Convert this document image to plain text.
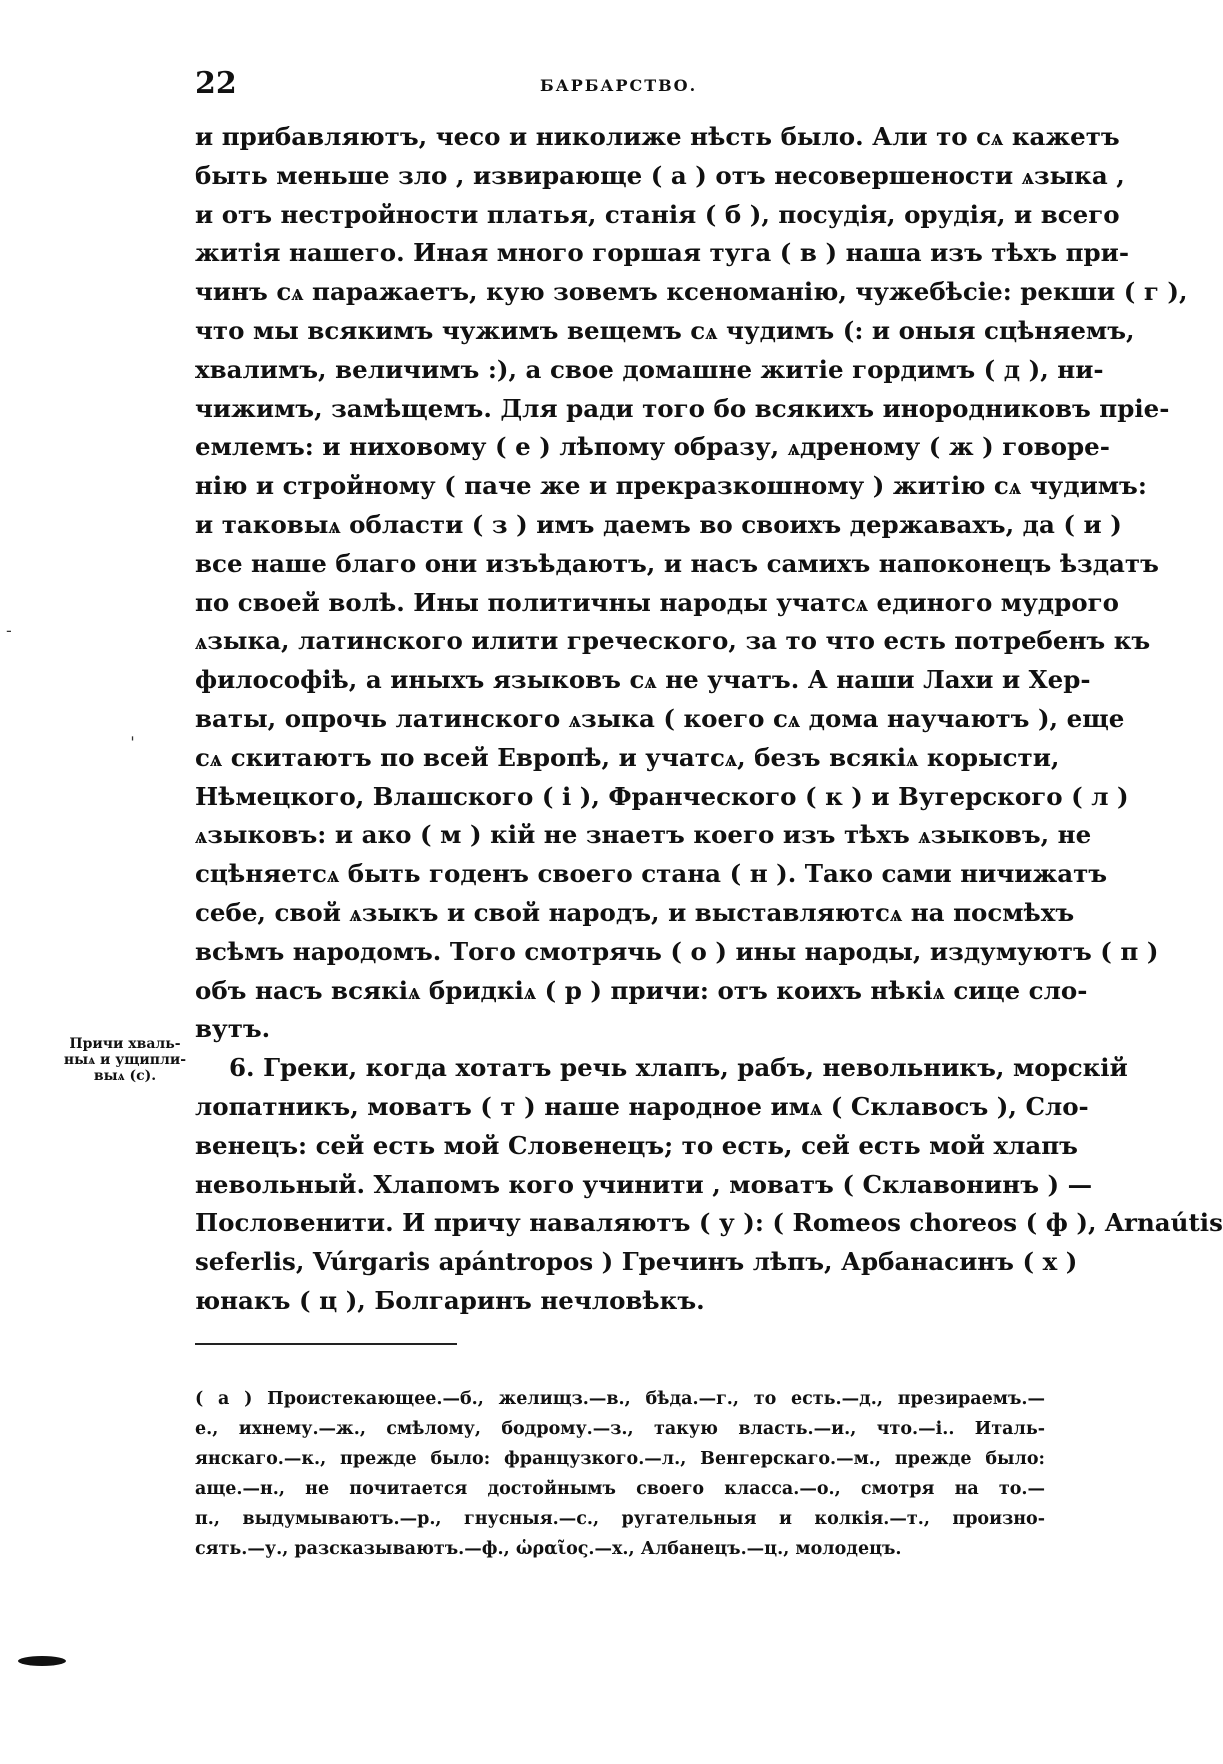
22	БАРБАРСТВО.
и прибавляютъ, чесо и николиже нѣсть было. Али то сѧ кажетъ
быть меньше зло , извирающе ( а ) отъ несовершености ѧзыка ,
и отъ нестройности платья, станія ( б ), посудія, орудія, и всего
житія нашего. Иная много горшая туга ( в ) наша изъ тѣхъ при-
чинъ сѧ паражаетъ, кую зовемъ ксеноманію, чужебѣсіе: рекши ( г ),
что мы всякимъ чужимъ вещемъ сѧ чудимъ (: и оныя сцѣняемъ,
хвалимъ, величимъ :), а свое домашне житіе гордимъ ( д ), ни-
чижимъ, замѣщемъ. Для ради того бо всякихъ инородниковъ пріе-
емлемъ: и ниховому ( е ) лѣпому образу, ѧдреному ( ж ) говоре-
нію и стройному ( паче же и прекразкошному ) житію сѧ чудимъ:
и таковыѧ области ( з ) имъ даемъ во своихъ державахъ, да ( и )
все наше благо они изъѣдаютъ, и насъ самихъ напоконецъ ѣздатъ
по своей волѣ. Ины политичны народы учатсѧ единого мудрого
ѧзыка, латинского илити греческого, за то что есть потребенъ къ
философіѣ, а иныхъ языковъ сѧ не учатъ. А наши Лахи и Хер-
ваты, опрочь латинского ѧзыка ( коего сѧ дома научаютъ ), еще
сѧ скитаютъ по всей Европѣ, и учатсѧ, безъ всякіѧ корысти,
Нѣмецкого, Влашского ( і ), Франческого ( к ) и Вугерского ( л )
ѧзыковъ: и ако ( м ) кій не знаетъ коего изъ тѣхъ ѧзыковъ, не
сцѣняетсѧ быть годенъ своего стана ( н ). Тако сами ничижатъ
себе, свой ѧзыкъ и свой народъ, и выставляютсѧ на посмѣхъ
всѣмъ народомъ. Того смотрячь ( о ) ины народы, издумуютъ ( п )
объ насъ всякіѧ бридкіѧ ( р ) причи: отъ коихъ нѣкіѧ сице сло-
вутъ.
6. Греки, когда хотатъ речь хлапъ, рабъ, невольникъ, морскій
лопатникъ, моватъ ( т ) наше народное имѧ ( Склавосъ ), Сло-
венецъ: сей есть мой Словенецъ; то есть, сей есть мой хлапъ
невольный. Хлапомъ кого учинити , моватъ ( Склавонинъ ) —
Пословенити. И причу наваляютъ ( у ): ( Romeos choreos ( ф ), Arnaútis
seferlis, Vúrgaris apántropos ) Гречинъ лѣпъ, Арбанасинъ ( х )
юнакъ ( ц ), Болгаринъ нечловѣкъ.
Причи хваль-
ныѧ и ущипли-
выѧ (с).
( а ) Проистекающее.—б., желищз.—в., бѣда.—г., то есть.—д., презираемъ.—
е., ихнему.—ж., смѣлому, бодрому.—з., такую власть.—и., что.—і.. Италь-
янскаго.—к., прежде было: французкого.—л., Венгерскаго.—м., прежде было:
аще.—н., не почитается достойнымъ своего класса.—о., смотря на то.—
п., выдумываютъ.—р., гнусныя.—с., ругательныя и колкія.—т., произно-
сять.—у., разсказываютъ.—ф., ὡραῖος.—х., Албанецъ.—ц., молодецъ.
˗
ˈ
